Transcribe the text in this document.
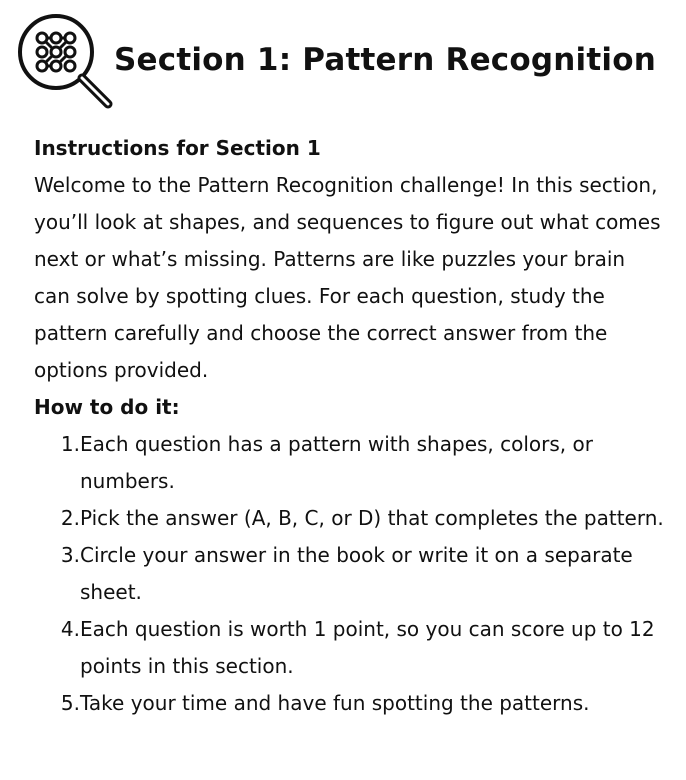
Section 1: Pattern Recognition

Instructions for Section 1

Welcome to the Pattern Recognition challenge! In this section, you’ll look at shapes, and sequences to figure out what comes next or what’s missing. Patterns are like puzzles your brain can solve by spotting clues. For each question, study the pattern carefully and choose the correct answer from the options provided.

How to do it:

1. Each question has a pattern with shapes, colors, or numbers.
2. Pick the answer (A, B, C, or D) that completes the pattern.
3. Circle your answer in the book or write it on a separate sheet.
4. Each question is worth 1 point, so you can score up to 12 points in this section.
5. Take your time and have fun spotting the patterns.
